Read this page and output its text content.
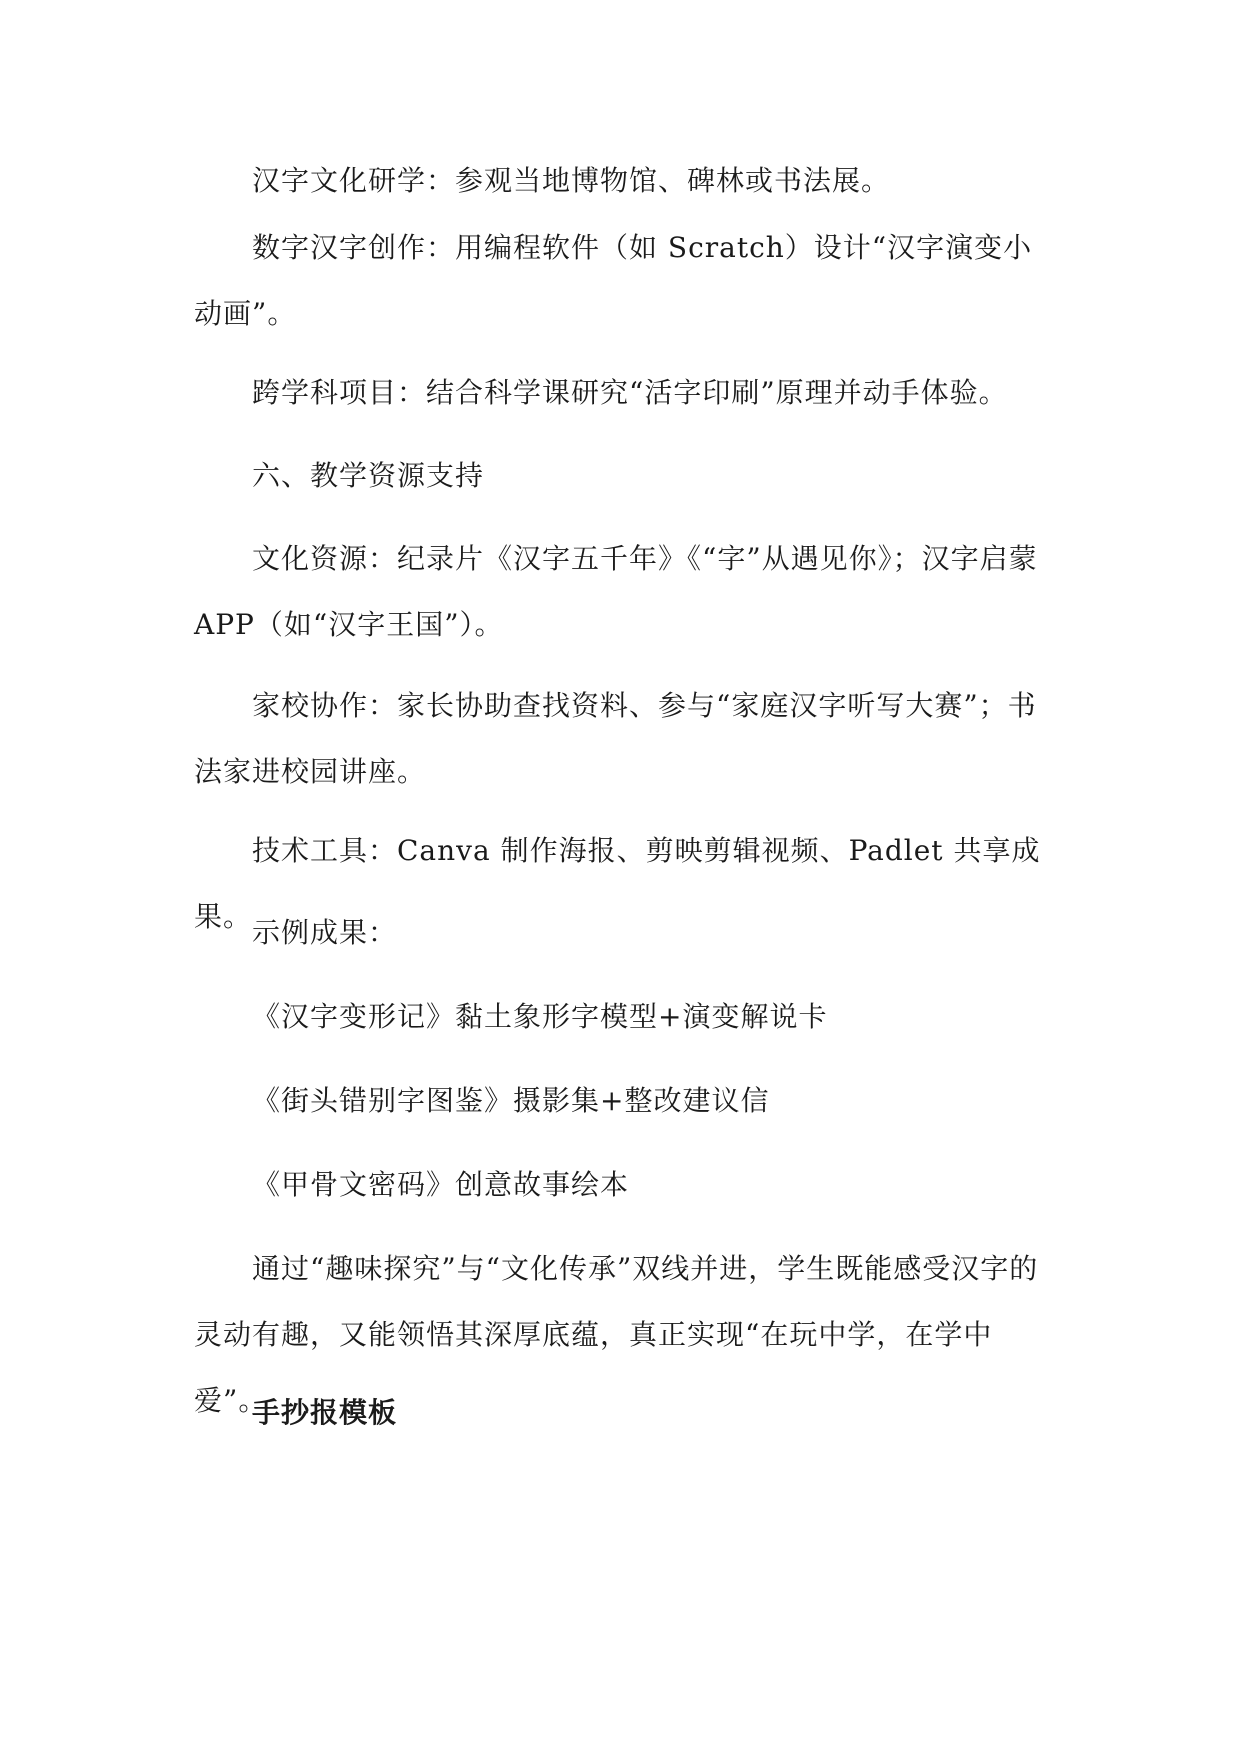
汉字文化研学：参观当地博物馆、碑林或书法展。

数字汉字创作：用编程软件（如 Scratch）设计“汉字演变小动画”。

跨学科项目：结合科学课研究“活字印刷”原理并动手体验。

六、教学资源支持

文化资源：纪录片《汉字五千年》《“字”从遇见你》；汉字启蒙 APP（如“汉字王国”）。

家校协作：家长协助查找资料、参与“家庭汉字听写大赛”；书法家进校园讲座。

技术工具：Canva 制作海报、剪映剪辑视频、Padlet 共享成果。 示例成果：

《汉字变形记》黏土象形字模型+演变解说卡

《街头错别字图鉴》摄影集+整改建议信

《甲骨文密码》创意故事绘本

通过“趣味探究”与“文化传承”双线并进，学生既能感受汉字的灵动有趣，又能领悟其深厚底蕴，真正实现“在玩中学，在学中爱”。

手抄报模板
